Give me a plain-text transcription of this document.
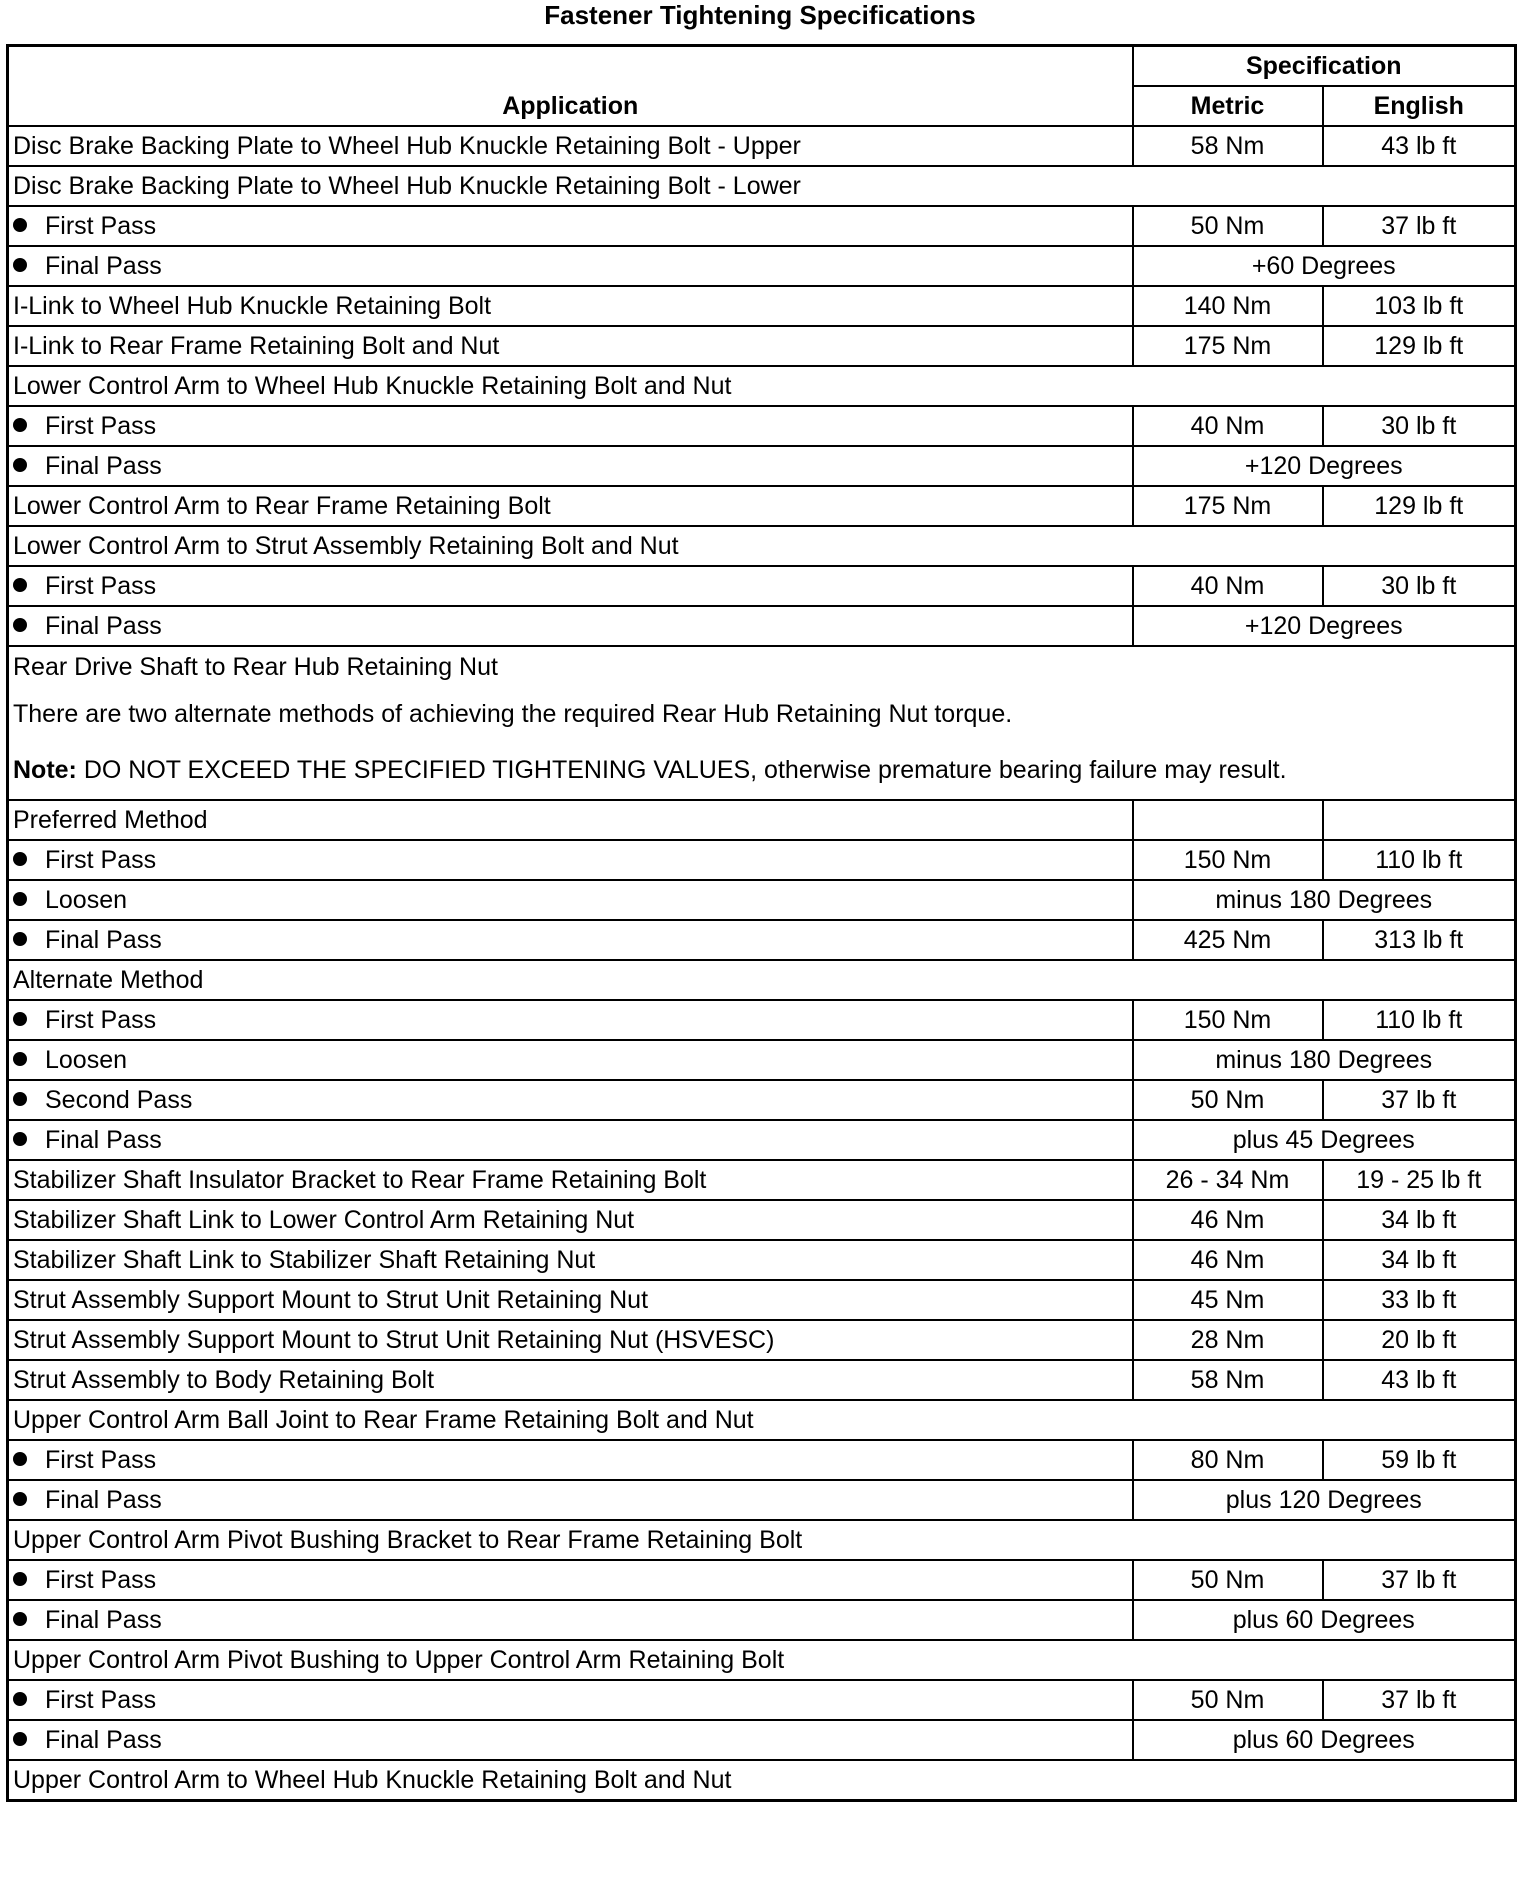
Fastener Tightening Specifications
Application	Specification	
	Metric	English
Disc Brake Backing Plate to Wheel Hub Knuckle Retaining Bolt - Upper	58 Nm	43 lb ft
Disc Brake Backing Plate to Wheel Hub Knuckle Retaining Bolt - Lower		
First Pass	50 Nm	37 lb ft
Final Pass	+60 Degrees	
I-Link to Wheel Hub Knuckle Retaining Bolt	140 Nm	103 lb ft
I-Link to Rear Frame Retaining Bolt and Nut	175 Nm	129 lb ft
Lower Control Arm to Wheel Hub Knuckle Retaining Bolt and Nut		
First Pass	40 Nm	30 lb ft
Final Pass	+120 Degrees	
Lower Control Arm to Rear Frame Retaining Bolt	175 Nm	129 lb ft
Lower Control Arm to Strut Assembly Retaining Bolt and Nut		
First Pass	40 Nm	30 lb ft
Final Pass	+120 Degrees	
Rear Drive Shaft to Rear Hub Retaining Nut		
There are two alternate methods of achieving the required Rear Hub Retaining Nut torque.		
Note: DO NOT EXCEED THE SPECIFIED TIGHTENING VALUES, otherwise premature bearing failure may result.		
Preferred Method		
First Pass	150 Nm	110 lb ft
Loosen	minus 180 Degrees	
Final Pass	425 Nm	313 lb ft
Alternate Method		
First Pass	150 Nm	110 lb ft
Loosen	minus 180 Degrees	
Second Pass	50 Nm	37 lb ft
Final Pass	plus 45 Degrees	
Stabilizer Shaft Insulator Bracket to Rear Frame Retaining Bolt	26 - 34 Nm	19 - 25 lb ft
Stabilizer Shaft Link to Lower Control Arm Retaining Nut	46 Nm	34 lb ft
Stabilizer Shaft Link to Stabilizer Shaft Retaining Nut	46 Nm	34 lb ft
Strut Assembly Support Mount to Strut Unit Retaining Nut	45 Nm	33 lb ft
Strut Assembly Support Mount to Strut Unit Retaining Nut (HSVESC)	28 Nm	20 lb ft
Strut Assembly to Body Retaining Bolt	58 Nm	43 lb ft
Upper Control Arm Ball Joint to Rear Frame Retaining Bolt and Nut		
First Pass	80 Nm	59 lb ft
Final Pass	plus 120 Degrees	
Upper Control Arm Pivot Bushing Bracket to Rear Frame Retaining Bolt		
First Pass	50 Nm	37 lb ft
Final Pass	plus 60 Degrees	
Upper Control Arm Pivot Bushing to Upper Control Arm Retaining Bolt		
First Pass	50 Nm	37 lb ft
Final Pass	plus 60 Degrees	
Upper Control Arm to Wheel Hub Knuckle Retaining Bolt and Nut		
